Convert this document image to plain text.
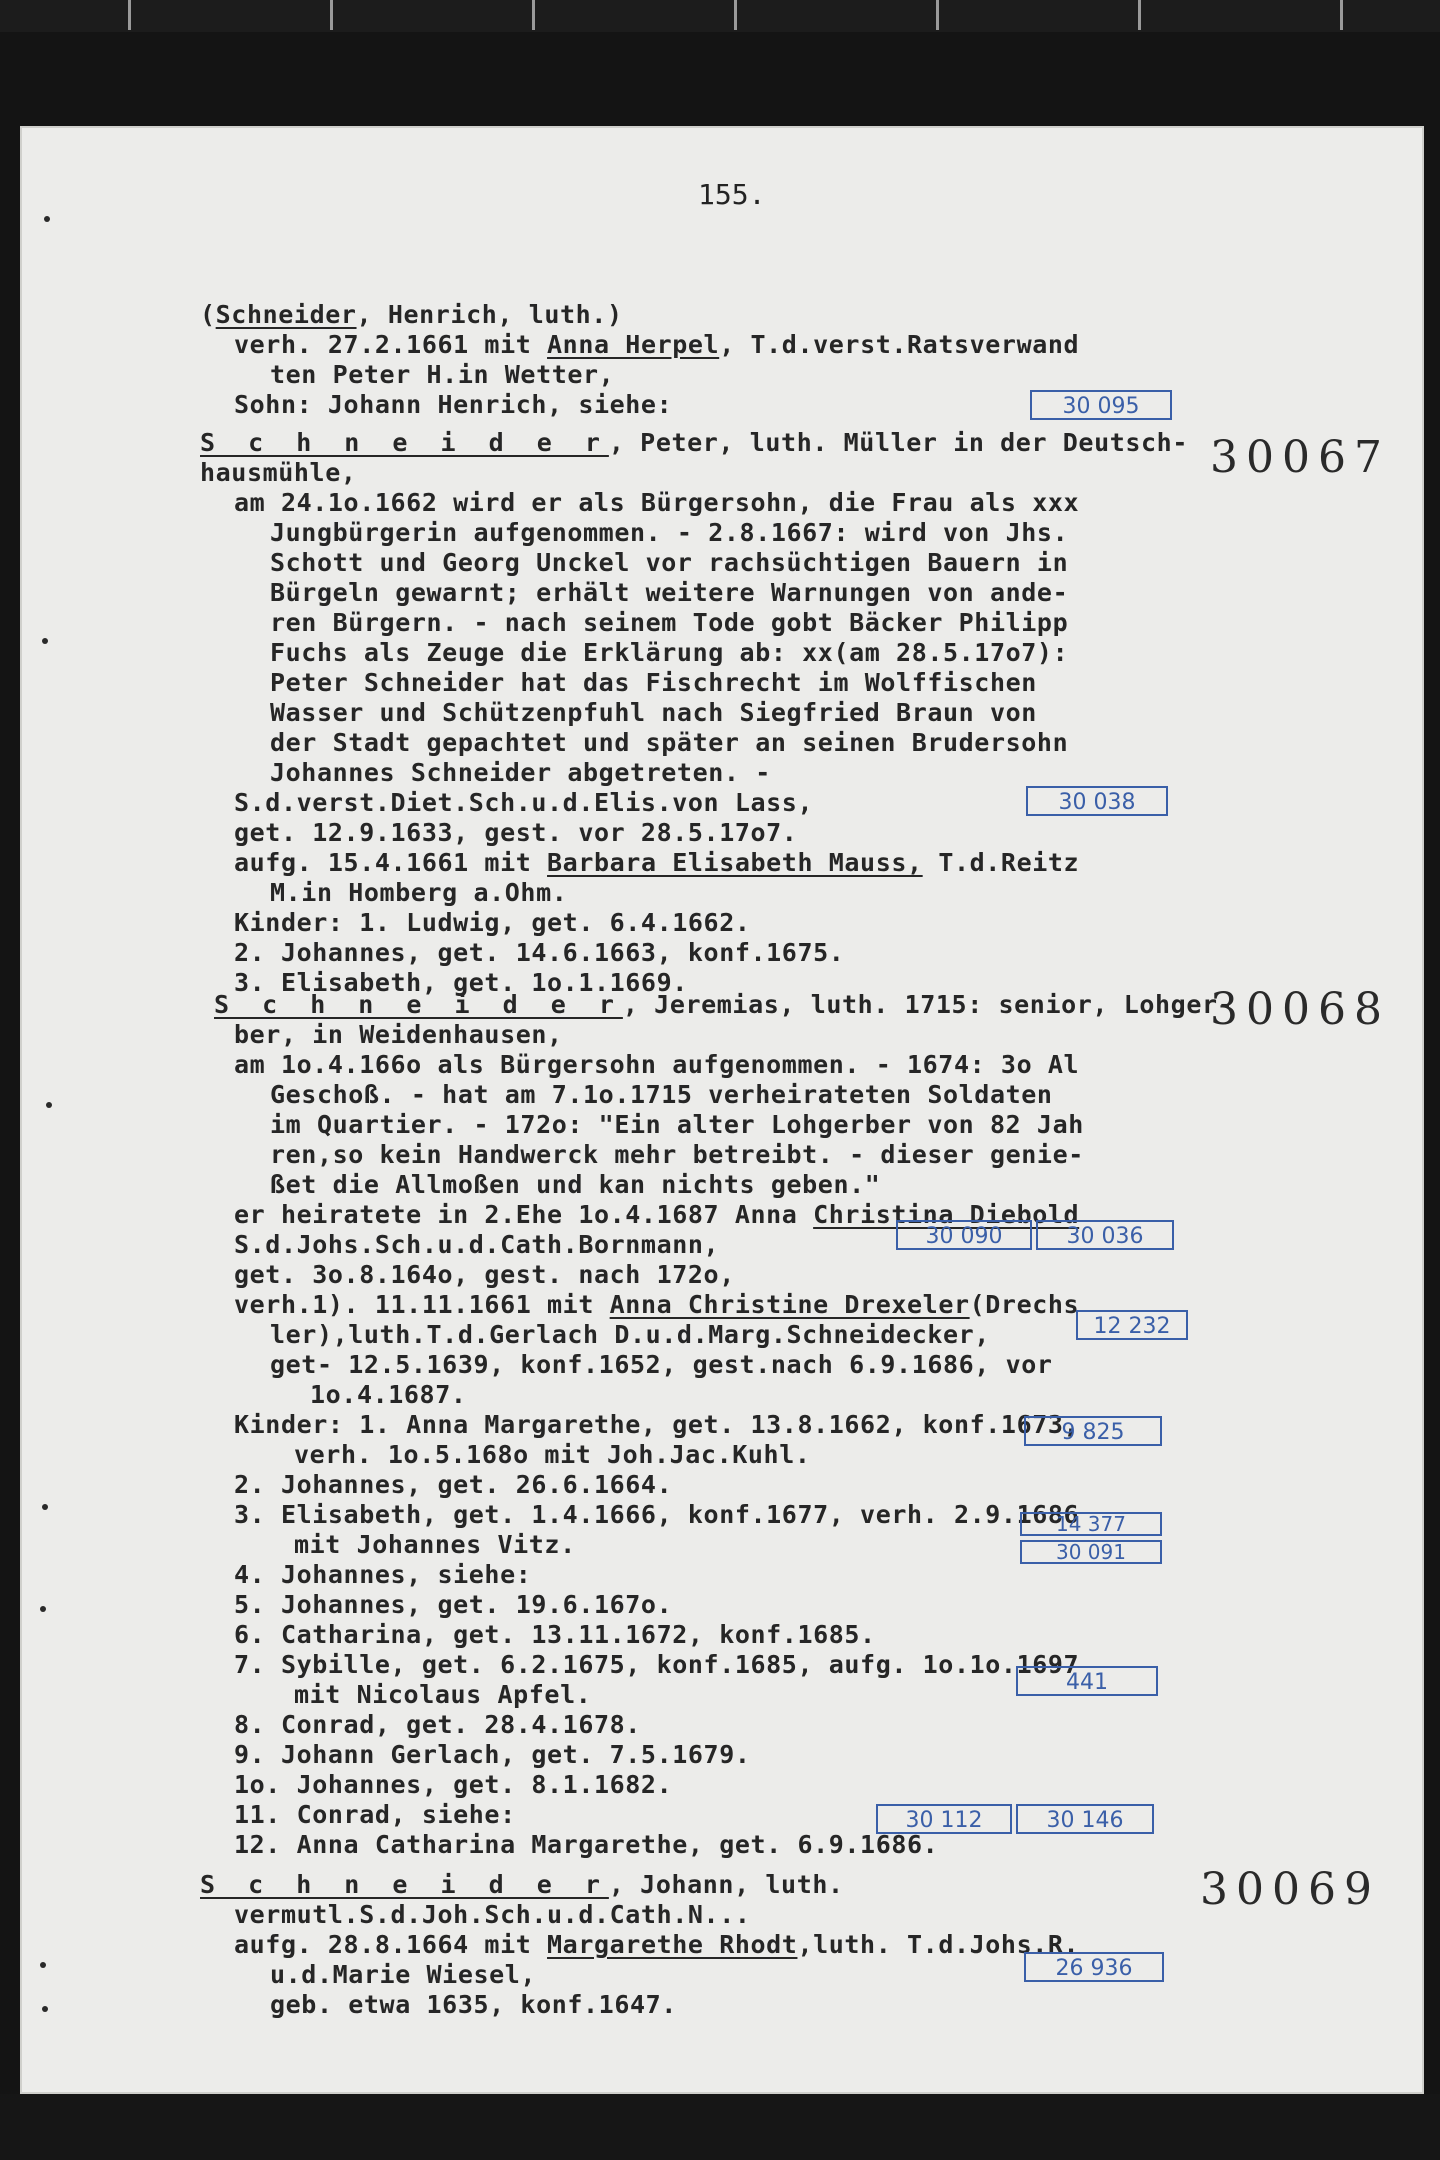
155.
(Schneider, Henrich, luth.)
verh. 27.2.1661 mit Anna Herpel, T.d.verst.Ratsverwand
ten Peter H.in Wetter,
Sohn: Johann Henrich, siehe:	30 095
S c h n e i d e r, Peter, luth. Müller in der Deutsch- 30067
hausmühle,
am 24.1o.1662 wird er als Bürgersohn, die Frau als xxx
Jungbürgerin aufgenommen. - 2.8.1667: wird von Jhs.
Schott und Georg Unckel vor rachsüchtigen Bauern in
Bürgeln gewarnt; erhält weitere Warnungen von ande-
ren Bürgern. - nach seinem Tode gobt Bäcker Philipp
Fuchs als Zeuge die Erklärung ab: xx(am 28.5.17o7):
Peter Schneider hat das Fischrecht im Wolffischen
Wasser und Schützenpfuhl nach Siegfried Braun von
der Stadt gepachtet und später an seinen Brudersohn
Johannes Schneider abgetreten. -
S.d.verst.Diet.Sch.u.d.Elis.von Lass,	30 038
get. 12.9.1633, gest. vor 28.5.17o7.
aufg. 15.4.1661 mit Barbara Elisabeth Mauss, T.d.Reitz
M.in Homberg a.Ohm.
Kinder: 1. Ludwig, get. 6.4.1662.
2. Johannes, get. 14.6.1663, konf.1675.
3. Elisabeth, get. 1o.1.1669.
S c h n e i d e r, Jeremias, luth. 1715: senior, Lohger-
30068
ber, in Weidenhausen,
am 1o.4.166o als Bürgersohn aufgenommen. - 1674: 3o Al
Geschoß. - hat am 7.1o.1715 verheirateten Soldaten
im Quartier. - 172o: "Ein alter Lohgerber von 82 Jah
ren,so kein Handwerck mehr betreibt. - dieser genie-
ßet die Allmoßen und kan nichts geben."
er heiratete in 2.Ehe 1o.4.1687 Anna Christina Diebold
S.d.Johs.Sch.u.d.Cath.Bornmann,	30 090	30 036
get. 3o.8.164o, gest. nach 172o,
verh.1). 11.11.1661 mit Anna Christine Drexeler(Drechs
ler),luth.T.d.Gerlach D.u.d.Marg.Schneidecker,	12 232
get- 12.5.1639, konf.1652, gest.nach 6.9.1686, vor
1o.4.1687.
Kinder: 1. Anna Margarethe, get. 13.8.1662, konf.1673,
verh. 1o.5.168o mit Joh.Jac.Kuhl.
9 825
2. Johannes, get. 26.6.1664.
3. Elisabeth, get. 1.4.1666, konf.1677, verh. 2.9.1686
mit Johannes Vitz.
14 377
4. Johannes, siehe:
30 091
5. Johannes, get. 19.6.167o.
6. Catharina, get. 13.11.1672, konf.1685.
7. Sybille, get. 6.2.1675, konf.1685, aufg. 1o.1o.1697
mit Nicolaus Apfel.	441
8. Conrad, get. 28.4.1678.
9. Johann Gerlach, get. 7.5.1679.
1o. Johannes, get. 8.1.1682.
11. Conrad, siehe:	30 112	30 146
12. Anna Catharina Margarethe, get. 6.9.1686.
S c h n e i d e r, Johann, luth.	30069
vermutl.S.d.Joh.Sch.u.d.Cath.N...
aufg. 28.8.1664 mit Margarethe Rhodt,luth. T.d.Johs.R.
u.d.Marie Wiesel,	26 936
geb. etwa 1635, konf.1647.
